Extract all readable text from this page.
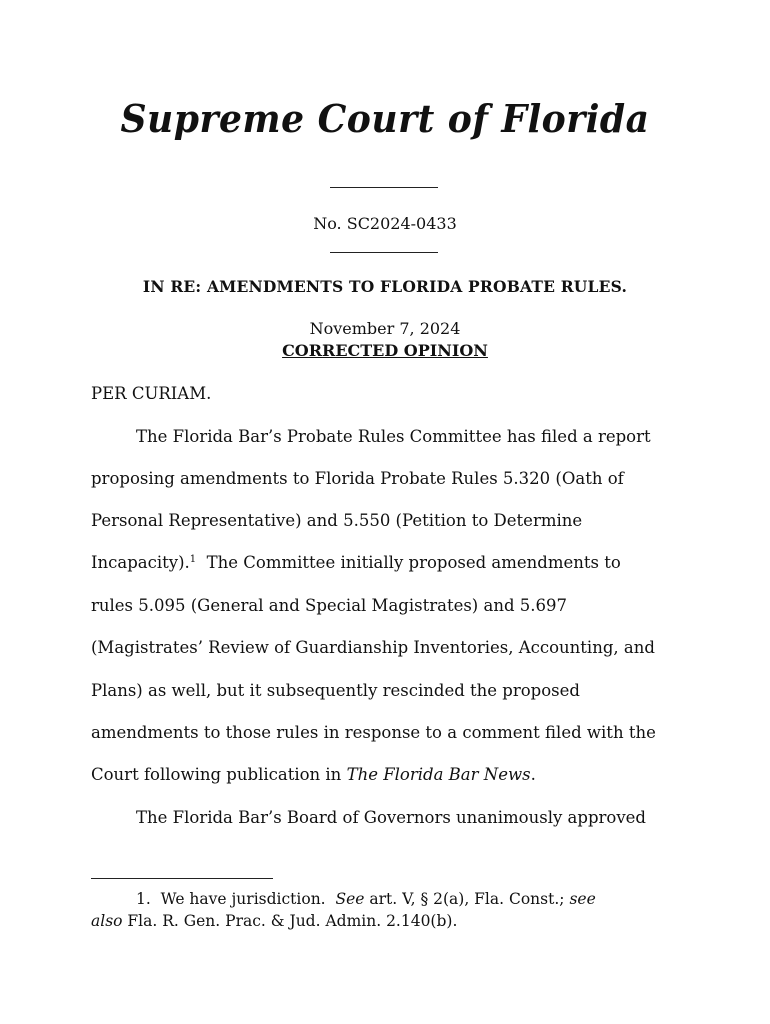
Supreme Court of Florida
No. SC2024-0433
IN RE: AMENDMENTS TO FLORIDA PROBATE RULES.
November 7, 2024
CORRECTED OPINION
PER CURIAM.
The Florida Bar’s Probate Rules Committee has filed a report
proposing amendments to Florida Probate Rules 5.320 (Oath of
Personal Representative) and 5.550 (Petition to Determine
Incapacity).$^1$ The Committee initially proposed amendments to
rules 5.095 (General and Special Magistrates) and 5.697
(Magistrates’ Review of Guardianship Inventories, Accounting, and
Plans) as well, but it subsequently rescinded the proposed
amendments to those rules in response to a comment filed with the
Court following publication in The Florida Bar News.
The Florida Bar’s Board of Governors unanimously approved
1. We have jurisdiction. See art. V, § 2(a), Fla. Const.; see
also Fla. R. Gen. Prac. & Jud. Admin. 2.140(b).
